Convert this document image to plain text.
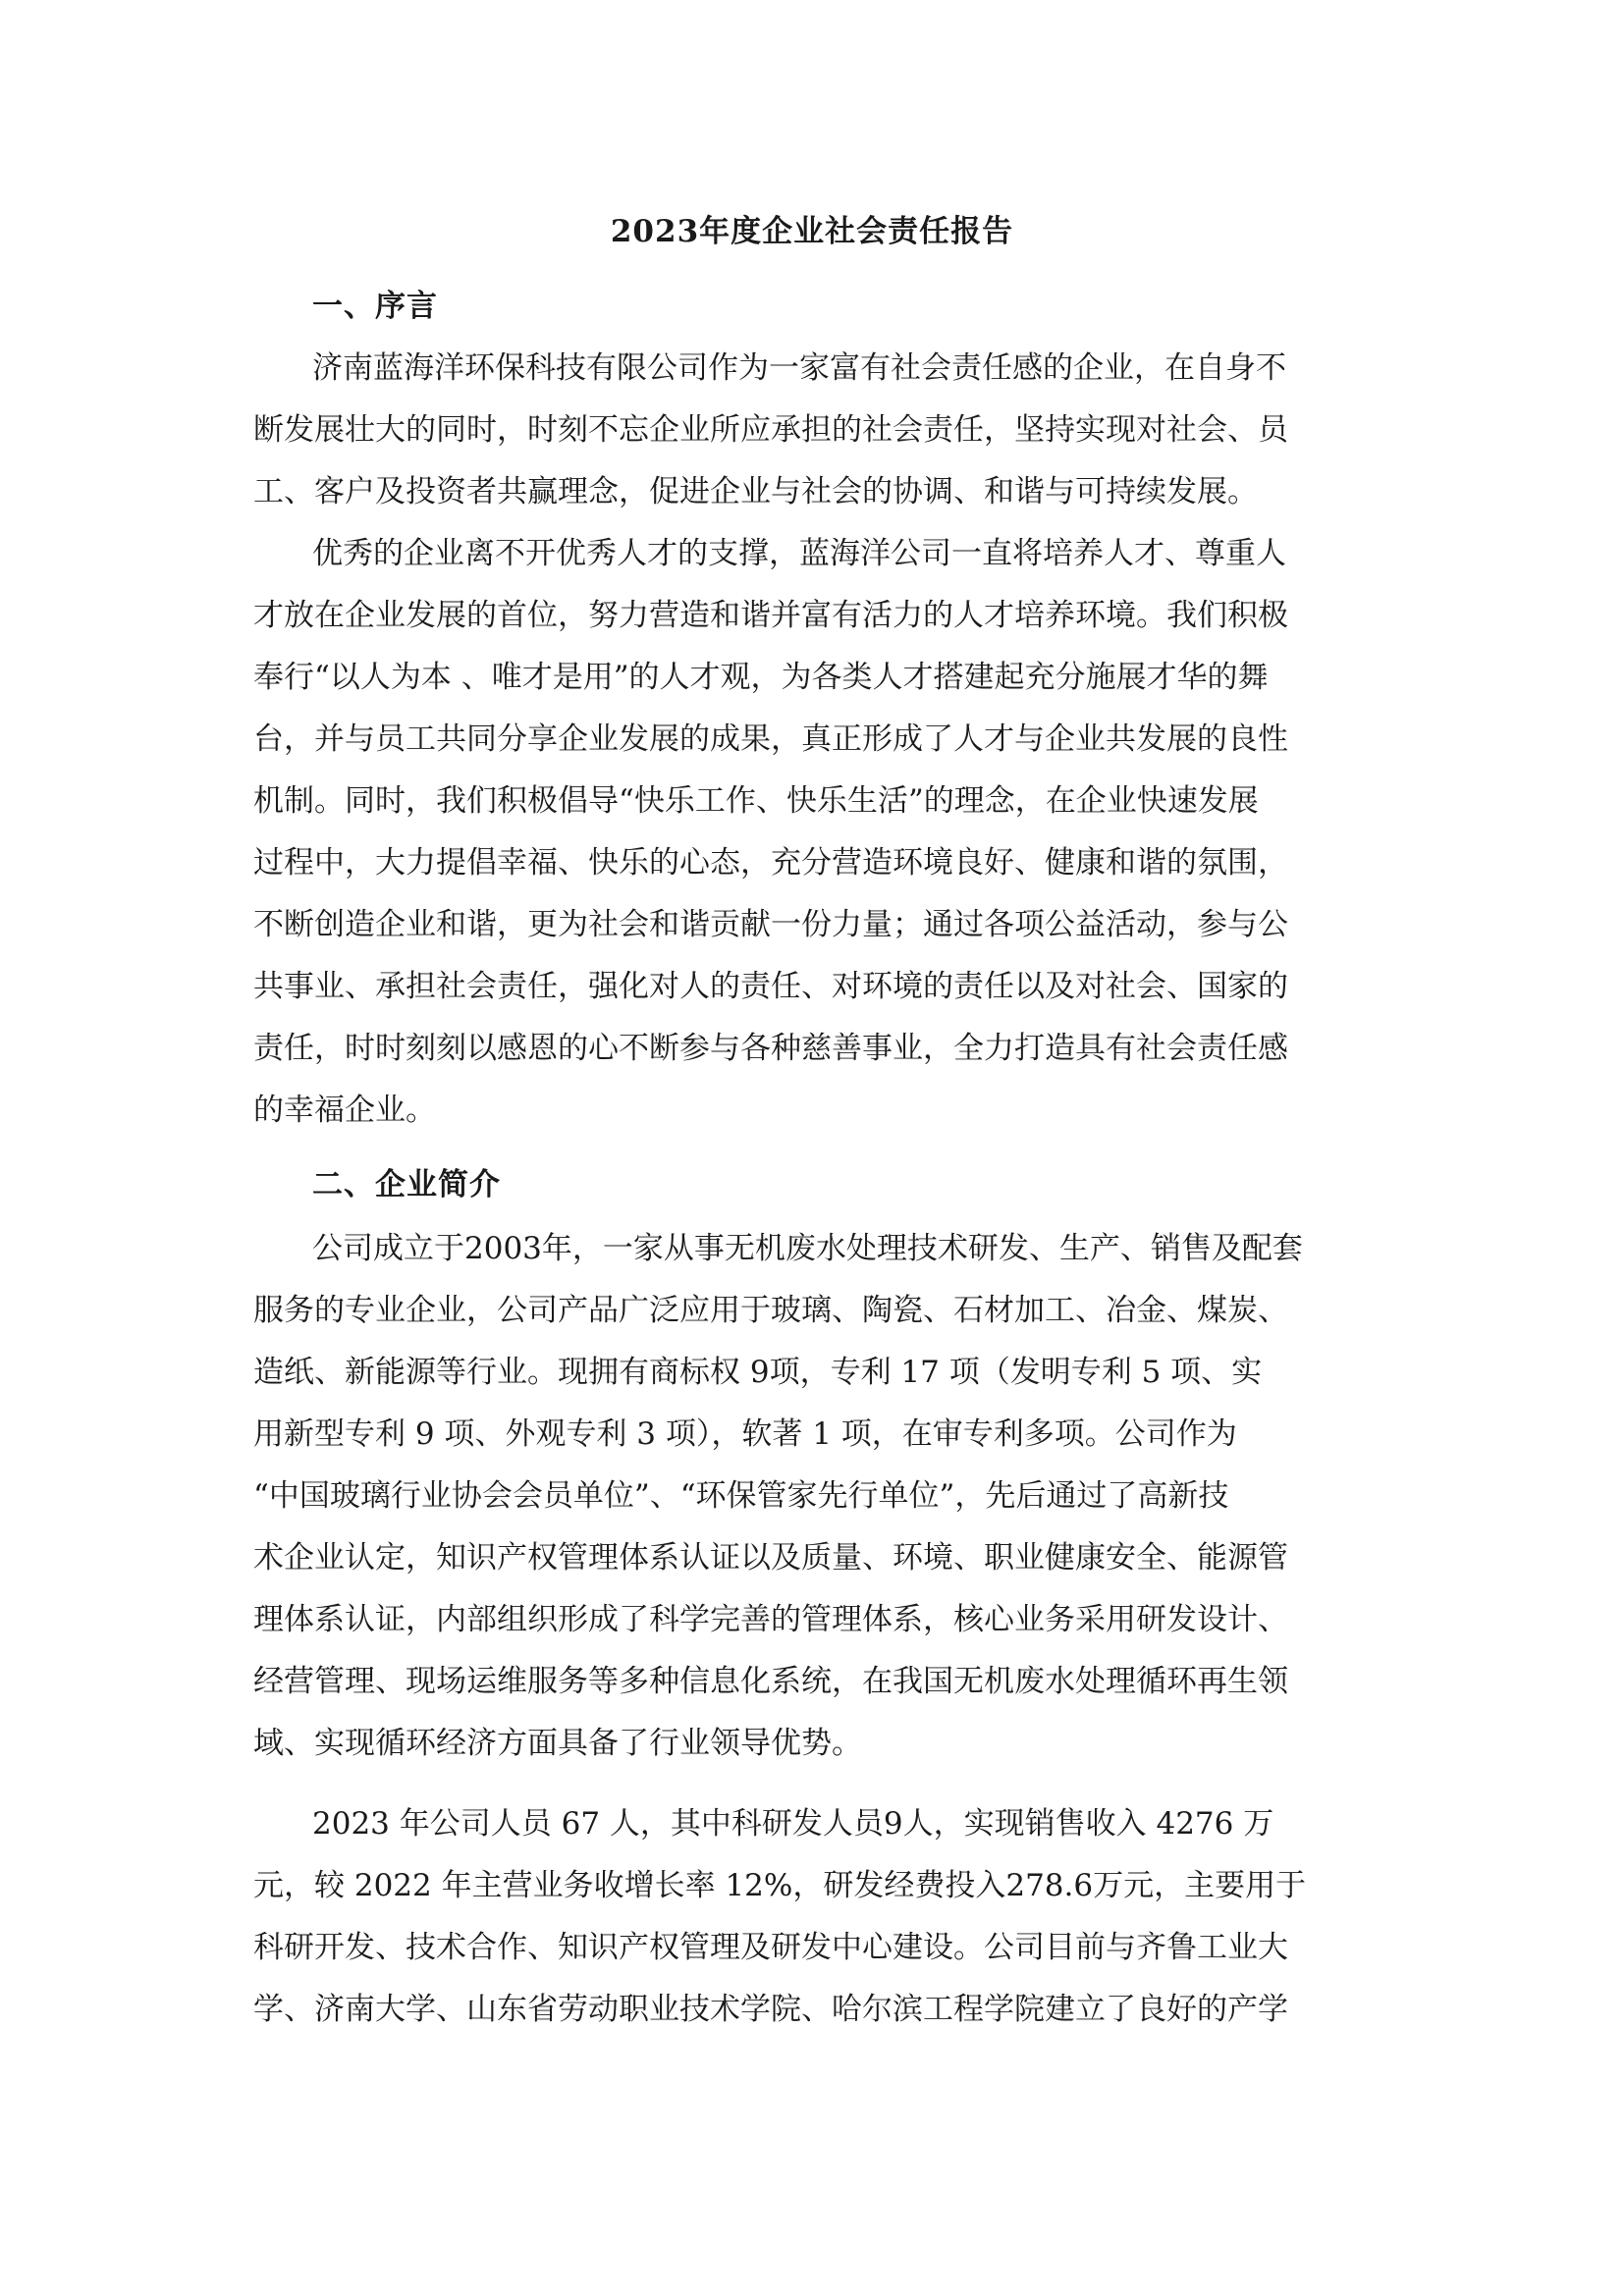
2023年度企业社会责任报告
一、序言

济南蓝海洋环保科技有限公司作为一家富有社会责任感的企业，在自身不

断发展壮大的同时，时刻不忘企业所应承担的社会责任，坚持实现对社会、员

工、客户及投资者共赢理念，促进企业与社会的协调、和谐与可持续发展。

优秀的企业离不开优秀人才的支撑，蓝海洋公司一直将培养人才、尊重人

才放在企业发展的首位，努力营造和谐并富有活力的人才培养环境。我们积极

奉行“以人为本 、唯才是用”的人才观，为各类人才搭建起充分施展才华的舞

台，并与员工共同分享企业发展的成果，真正形成了人才与企业共发展的良性

机制。同时，我们积极倡导“快乐工作、快乐生活”的理念，在企业快速发展

过程中，大力提倡幸福、快乐的心态，充分营造环境良好、健康和谐的氛围，

不断创造企业和谐，更为社会和谐贡献一份力量；通过各项公益活动，参与公

共事业、承担社会责任，强化对人的责任、对环境的责任以及对社会、国家的

责任，时时刻刻以感恩的心不断参与各种慈善事业，全力打造具有社会责任感

的幸福企业。

二、企业简介

公司成立于2003年，一家从事无机废水处理技术研发、生产、销售及配套

服务的专业企业，公司产品广泛应用于玻璃、陶瓷、石材加工、冶金、煤炭、

造纸、新能源等行业。现拥有商标权 9项，专利 17 项（发明专利 5 项、实

用新型专利 9 项、外观专利 3 项），软著 1 项，在审专利多项。公司作为

“中国玻璃行业协会会员单位”、“环保管家先行单位”，先后通过了高新技

术企业认定，知识产权管理体系认证以及质量、环境、职业健康安全、能源管

理体系认证，内部组织形成了科学完善的管理体系，核心业务采用研发设计、

经营管理、现场运维服务等多种信息化系统，在我国无机废水处理循环再生领

域、实现循环经济方面具备了行业领导优势。

2023 年公司人员 67 人，其中科研发人员9人，实现销售收入 4276 万

元，较 2022 年主营业务收增长率 12%，研发经费投入278.6万元，主要用于

科研开发、技术合作、知识产权管理及研发中心建设。公司目前与齐鲁工业大

学、济南大学、山东省劳动职业技术学院、哈尔滨工程学院建立了良好的产学
